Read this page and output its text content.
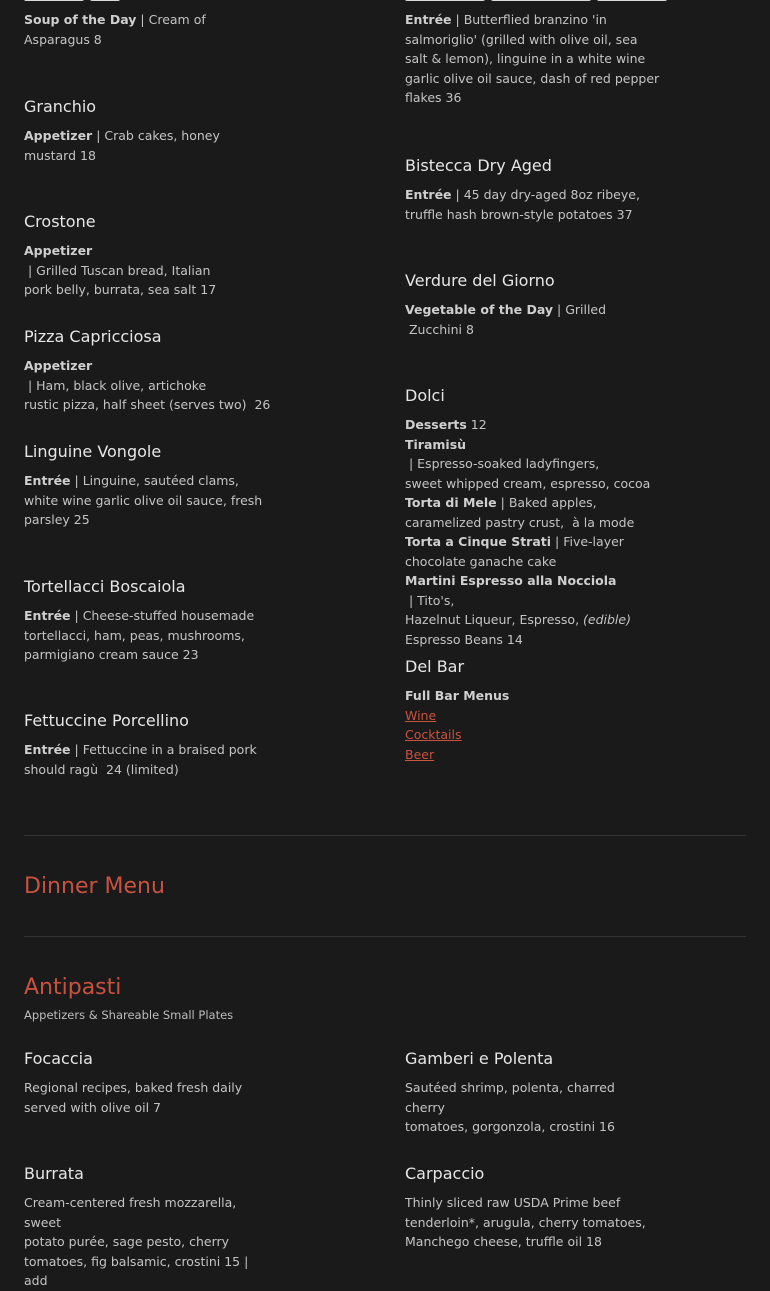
Soup of the Day | Cream of
Asparagus 8

Granchio

Appetizer | Crab cakes, honey
mustard 18

Crostone

Appetizer | Grilled Tuscan bread, Italian
pork belly, burrata, sea salt 17

Pizza Capricciosa

Appetizer | Ham, black olive, artichoke
rustic pizza, half sheet (serves two)  26

Linguine Vongole

Entrée | Linguine, sautéed clams,
white wine garlic olive oil sauce, fresh
parsley 25

Tortellacci Boscaiola

Entrée | Cheese-stuffed housemade
tortellacci, ham, peas, mushrooms,
parmigiano cream sauce 23

Fettuccine Porcellino

Entrée | Fettuccine in a braised pork
should ragù  24 (limited)

Entrée | Butterflied branzino 'in
salmoriglio' (grilled with olive oil, sea
salt & lemon), linguine in a white wine
garlic olive oil sauce, dash of red pepper
flakes 36

Bistecca Dry Aged

Entrée | 45 day dry-aged 8oz ribeye,
truffle hash brown-style potatoes 37

Verdure del Giorno

Vegetable of the Day | Grilled
Zucchini 8

Dolci

Desserts 12
Tiramisù | Espresso-soaked ladyfingers,
sweet whipped cream, espresso, cocoa
Torta di Mele | Baked apples,
caramelized pastry crust,  à la mode
Torta a Cinque Strati | Five-layer
chocolate ganache cake
Martini Espresso alla Nocciola | Tito's,
Hazelnut Liqueur, Espresso, (edible)
Espresso Beans 14

Del Bar

Full Bar Menus
Wine
Cocktails
Beer

Dinner Menu
Antipasti
Appetizers & Shareable Small Plates
Focaccia

Regional recipes, baked fresh daily
served with olive oil 7

Gamberi e Polenta

Sautéed shrimp, polenta, charred cherry
tomatoes, gorgonzola, crostini 16

Burrata

Cream-centered fresh mozzarella, sweet
potato purée, sage pesto, cherry
tomatoes, fig balsamic, crostini 15 | add

Carpaccio

Thinly sliced raw USDA Prime beef
tenderloin*, arugula, cherry tomatoes,
Manchego cheese, truffle oil 18
